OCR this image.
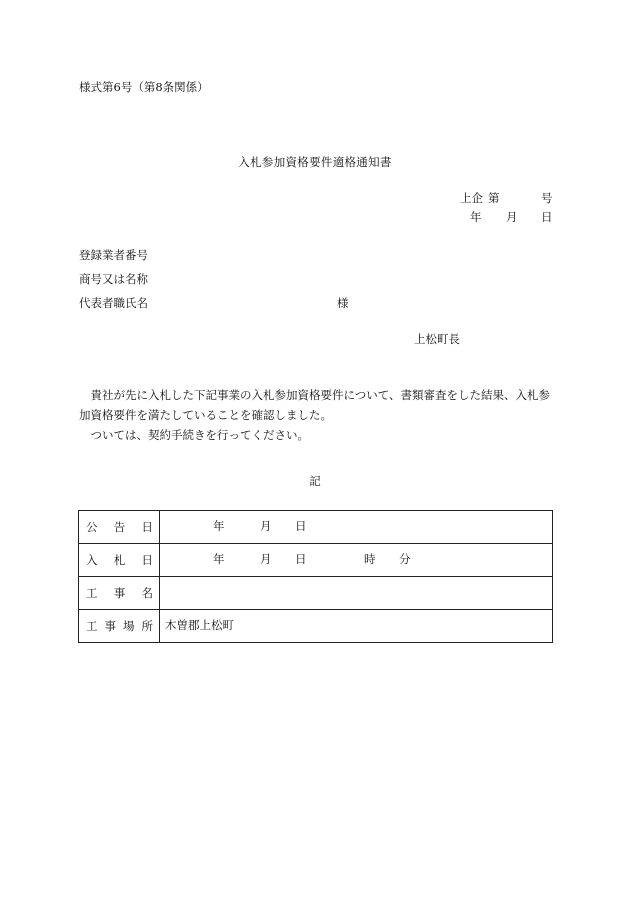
様式第6号（第8条関係）
入札参加資格要件適格通知書
上企 第	号
年 月 日
登録業者番号
商号又は名称
代表者職氏名	様
上松町長

貴社が先に入札した下記事業の入札参加資格要件について、書類審査をした結果、入札参加資格要件を満たしていることを確認しました。

ついては、契約手続きを行ってください。

記
公 告 日	年 月 日

入 札 日	年 月 日 時 分

工 事 名	

工 事 場 所	木曽郡上松町
